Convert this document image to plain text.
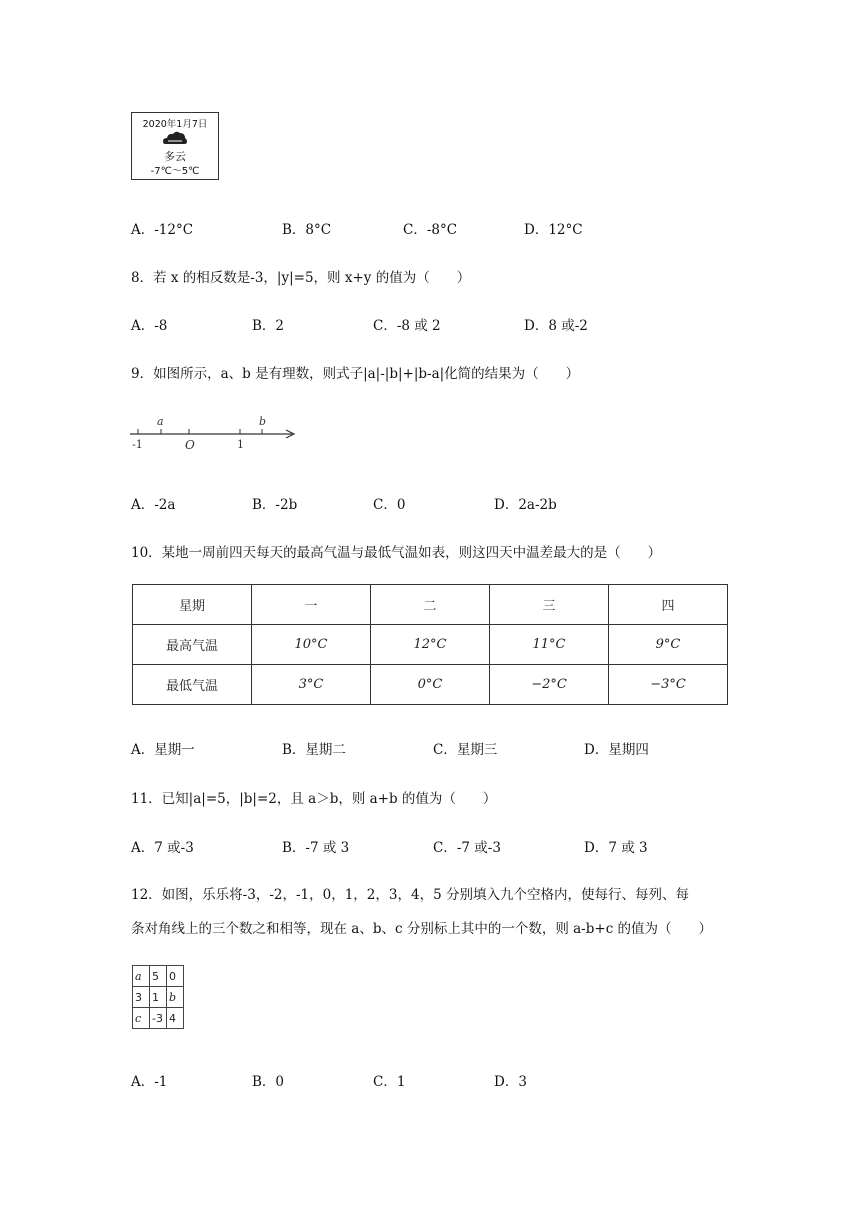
2020年1月7日
多云
-7℃～5℃
A．-12°C	B．8°C	C．-8°C	D．12°C
8．若 x 的相反数是-3，|y|=5，则 x+y 的值为（　　）
A．-8	B．2	C．-8 或 2	D．8 或-2
9．如图所示，a、b 是有理数，则式子|a|-|b|+|b-a|化简的结果为（　　）
a	b
-1	O	1
A．-2a	B．-2b	C．0	D．2a-2b
10．某地一周前四天每天的最高气温与最低气温如表，则这四天中温差最大的是（　　）
星期	一	二	三	四
最高气温	10°C	12°C	11°C	9°C
最低气温	3°C	0°C	−2°C	−3°C
A．星期一	B．星期二	C．星期三	D．星期四
11．已知|a|=5，|b|=2，且 a＞b，则 a+b 的值为（　　）
A．7 或-3	B．-7 或 3	C．-7 或-3	D．7 或 3
12．如图，乐乐将-3，-2，-1，0，1，2，3，4，5 分别填入九个空格内，使每行、每列、每
条对角线上的三个数之和相等，现在 a、b、c 分别标上其中的一个数，则 a-b+c 的值为（　　）
a	5	0
3	1	b
c	-3	4
A．-1	B．0	C．1	D．3
